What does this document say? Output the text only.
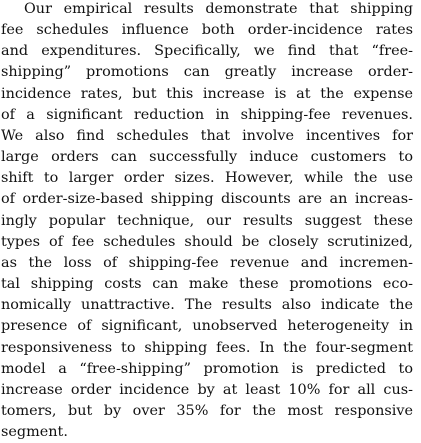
Our empirical results demonstrate that shipping
fee schedules influence both order-incidence rates
and expenditures. Specifically, we find that “free-
shipping” promotions can greatly increase order-
incidence rates, but this increase is at the expense
of a significant reduction in shipping-fee revenues.
We also find schedules that involve incentives for
large orders can successfully induce customers to
shift to larger order sizes. However, while the use
of order-size-based shipping discounts are an increas-
ingly popular technique, our results suggest these
types of fee schedules should be closely scrutinized,
as the loss of shipping-fee revenue and incremen-
tal shipping costs can make these promotions eco-
nomically unattractive. The results also indicate the
presence of significant, unobserved heterogeneity in
responsiveness to shipping fees. In the four-segment
model a “free-shipping” promotion is predicted to
increase order incidence by at least 10% for all cus-
tomers, but by over 35% for the most responsive
segment.
